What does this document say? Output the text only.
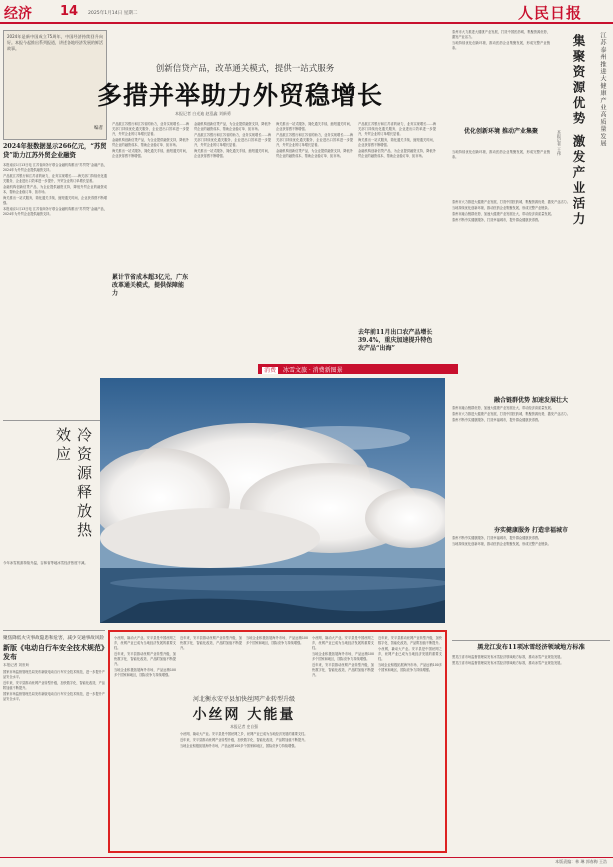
经济 14 2025年1月14日 星期二	人民日报
2024年是新中国成立75周年，中国经济持续回升向好。本报今起推出系列报道，讲述各地经济发展的鲜活故事。
编者
创新信贷产品，改革通关模式，提供一站式服务
多措并举助力外贸稳增长
本报记者 白光迪 赵泓鑫 刘新勇

产品抵江苏银行和江苏省的助力，业务实现增长……海关部门持续优化通关服务，企业进出口效率进一步提升，外贸企业的订单增长显著。

金融机构创新信贷产品，为企业提供融资支持，降低外贸企业的融资成本，帮助企业稳订单、拓市场。

海关推出一站式服务，简化通关手续，缩短通关时间，企业获得感不断增强。

金融机构创新信贷产品，为企业提供融资支持，降低外贸企业的融资成本，帮助企业稳订单、拓市场。

产品抵江苏银行和江苏省的助力，业务实现增长……海关部门持续优化通关服务，企业进出口效率进一步提升，外贸企业的订单增长显著。

海关推出一站式服务，简化通关手续，缩短通关时间，企业获得感不断增强。

海关推出一站式服务，简化通关手续，缩短通关时间，企业获得感不断增强。

产品抵江苏银行和江苏省的助力，业务实现增长……海关部门持续优化通关服务，企业进出口效率进一步提升，外贸企业的订单增长显著。

金融机构创新信贷产品，为企业提供融资支持，降低外贸企业的融资成本，帮助企业稳订单、拓市场。

产品抵江苏银行和江苏省的助力，业务实现增长……海关部门持续优化通关服务，企业进出口效率进一步提升，外贸企业的订单增长显著。

海关推出一站式服务，简化通关手续，缩短通关时间，企业获得感不断增强。

金融机构创新信贷产品，为企业提供融资支持，降低外贸企业的融资成本，帮助企业稳订单、拓市场。

累计节省成本超3亿元，广东改革通关模式，提供保障能力
去年前11月出口农产品增长39.4%，重庆加速提升特色农产品“出海”
2024年报数据显示266亿元，“苏贸贷”助力江苏外贸企业融资

本报南京1月13日电 江苏省商务厅联合金融机构推出“苏贸贷”金融产品，2024年为外贸企业提供融资支持。

产品抵江苏银行和江苏省的助力，业务实现增长……海关部门持续优化通关服务，企业进出口效率进一步提升，外贸企业的订单增长显著。

金融机构创新信贷产品，为企业提供融资支持，降低外贸企业的融资成本，帮助企业稳订单、拓市场。

海关推出一站式服务，简化通关手续，缩短通关时间，企业获得感不断增强。

本报南京1月13日电 江苏省商务厅联合金融机构推出“苏贸贷”金融产品，2024年为外贸企业提供融资支持。

冷资源释放热效应
今年冰雪旅游持续升温，吉林省等地冰雪经济热度不减。
聚焦降低火灾事故隐患和危害，减少交通事故风险
新版《电动自行车安全技术规范》发布
本报记者 刘世昕

国家市场监督管理总局发布新版电动自行车安全技术规范，进一步提升产品安全水平。

近年来，安平县推动丝网产业转型升级，加快数字化、智能化改造，产品附加值不断提升。

国家市场监督管理总局发布新版电动自行车安全技术规范，进一步提升产品安全水平。

消费 冰雪文旅 · 消费新图景

小丝网，撬动大产业。安平县是中国丝网之乡，丝网产业已成为当地经济发展的重要支柱。

近年来，安平县推动丝网产业转型升级，加快数字化、智能化改造，产品附加值不断提升。

当地企业积极拓展海外市场，产品远销100多个国家和地区，国际竞争力持续增强。

近年来，安平县推动丝网产业转型升级，加快数字化、智能化改造，产品附加值不断提升。

当地企业积极拓展海外市场，产品远销100多个国家和地区，国际竞争力持续增强。

小丝网，撬动大产业。安平县是中国丝网之乡，丝网产业已成为当地经济发展的重要支柱。

当地企业积极拓展海外市场，产品远销100多个国家和地区，国际竞争力持续增强。

近年来，安平县推动丝网产业转型升级，加快数字化、智能化改造，产品附加值不断提升。

近年来，安平县推动丝网产业转型升级，加快数字化、智能化改造，产品附加值不断提升。

小丝网，撬动大产业。安平县是中国丝网之乡，丝网产业已成为当地经济发展的重要支柱。

当地企业积极拓展海外市场，产品远销100多个国家和地区，国际竞争力持续增强。

河北衡水安平县加快丝网产业转型升级
小丝网 大能量
本报记者 史自强

小丝网，撬动大产业。安平县是中国丝网之乡，丝网产业已成为当地经济发展的重要支柱。

近年来，安平县推动丝网产业转型升级，加快数字化、智能化改造，产品附加值不断提升。

当地企业积极拓展海外市场，产品远销100多个国家和地区，国际竞争力持续增强。

江苏泰州推进大健康产业高质量发展
集聚资源优势 激发产业活力
本报记者 王伟

泰州市大力推进大健康产业发展，打造中国医药城，集聚资源优势，激发产业活力。

当地持续优化创新环境，推动医药企业集聚发展，形成完整产业链条。

优化创新环境 推动产业集聚

当地持续优化创新环境，推动医药企业集聚发展，形成完整产业链条。

泰州市大力推进大健康产业发展，打造中国医药城，集聚资源优势，激发产业活力。

当地持续优化创新环境，推动医药企业集聚发展，形成完整产业链条。

泰州市融合链群优势，加速大健康产业发展壮大，带动经济高质量发展。

泰州不断夯实健康服务，打造幸福城市，提升群众健康获得感。

融合链群优势 加速发展壮大

泰州市融合链群优势，加速大健康产业发展壮大，带动经济高质量发展。

泰州市大力推进大健康产业发展，打造中国医药城，集聚资源优势，激发产业活力。

泰州不断夯实健康服务，打造幸福城市，提升群众健康获得感。

夯实健康服务 打造幸福城市

泰州不断夯实健康服务，打造幸福城市，提升群众健康获得感。

当地持续优化创新环境，推动医药企业集聚发展，形成完整产业链条。

黑龙江发布11项冰雪经济领域地方标准

黑龙江省市场监督管理局发布冰雪经济领域地方标准，推动冰雪产业规范发展。

黑龙江省市场监督管理局发布冰雪经济领域地方标准，推动冰雪产业规范发展。

本版责编：林 琳 郭春梅 王浩
